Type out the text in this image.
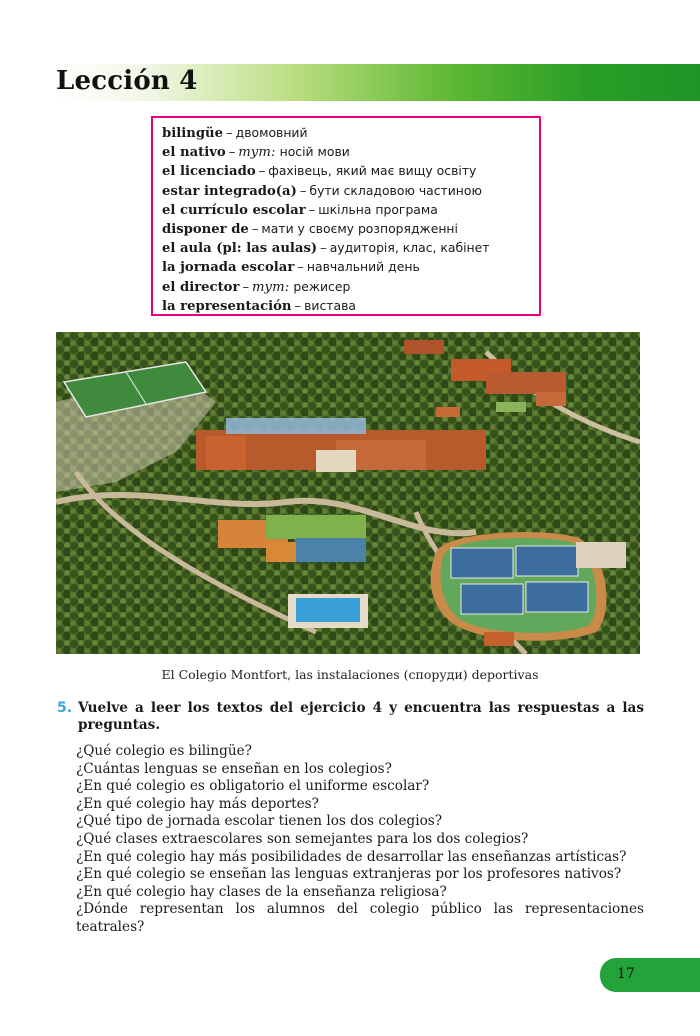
Lección 4
bilingüe – двомовний
el nativo – тут: носій мови
el licenciado – фахівець, який має вищу освіту
estar integrado(a) – бути складовою частиною
el currículo escolar – шкільна програма
disponer de – мати у своєму розпорядженні
el aula (pl: las aulas) – аудиторія, клас, кабінет
la jornada escolar – навчальний день
el director – тут: режисер
la representación – вистава
El Colegio Montfort, las instalaciones (споруди) deportivas
5. Vuelve a leer los textos del ejercicio 4 y encuentra las respuestas a las preguntas.
¿Qué colegio es bilingüe?
¿Cuántas lenguas se enseñan en los colegios?
¿En qué colegio es obligatorio el uniforme escolar?
¿En qué colegio hay más deportes?
¿Qué tipo de jornada escolar tienen los dos colegios?
¿Qué clases extraescolares son semejantes para los dos colegios?
¿En qué colegio hay más posibilidades de desarrollar las enseñanzas artísticas?
¿En qué colegio se enseñan las lenguas extranjeras por los profesores nativos?
¿En qué colegio hay clases de la enseñanza religiosa?
¿Dónde representan los alumnos del colegio público las representaciones teatrales?
17
